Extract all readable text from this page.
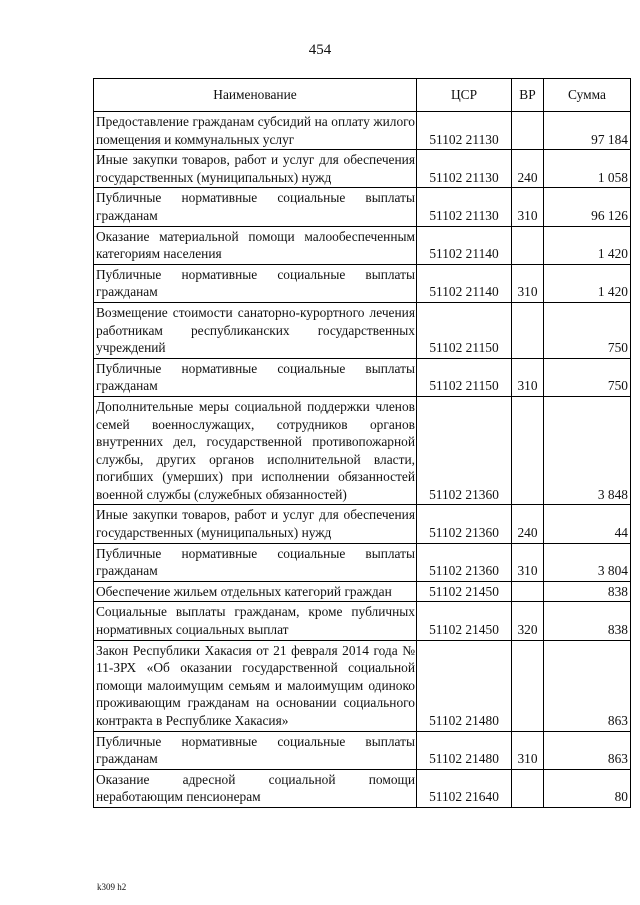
454
Наименование	ЦСР	ВР	Сумма
Предоставление гражданам субсидий на оплату жилого помещения и коммунальных услуг	51102 21130		97 184
Иные закупки товаров, работ и услуг для обеспечения государственных (муниципальных) нужд	51102 21130	240	1 058
Публичные нормативные социальные выплаты гражданам	51102 21130	310	96 126
Оказание материальной помощи малообеспеченным категориям населения	51102 21140		1 420
Публичные нормативные социальные выплаты гражданам	51102 21140	310	1 420
Возмещение стоимости санаторно-курортного лечения работникам республиканских государственных учреждений	51102 21150		750
Публичные нормативные социальные выплаты гражданам	51102 21150	310	750
Дополнительные меры социальной поддержки членов семей военнослужащих, сотрудников органов внутренних дел, государственной противопожарной службы, других органов исполнительной власти, погибших (умерших) при исполнении обязанностей военной службы (служебных обязанностей)	51102 21360		3 848
Иные закупки товаров, работ и услуг для обеспечения государственных (муниципальных) нужд	51102 21360	240	44
Публичные нормативные социальные выплаты гражданам	51102 21360	310	3 804
Обеспечение жильем отдельных категорий граждан	51102 21450		838
Социальные выплаты гражданам, кроме публичных нормативных социальных выплат	51102 21450	320	838
Закон Республики Хакасия от 21 февраля 2014 года № 11-ЗРХ «Об оказании государственной социальной помощи малоимущим семьям и малоимущим одиноко проживающим гражданам на основании социального контракта в Республике Хакасия»	51102 21480		863
Публичные нормативные социальные выплаты гражданам	51102 21480	310	863
Оказание адресной социальной помощи неработающим пенсионерам	51102 21640		80
k309 h2
